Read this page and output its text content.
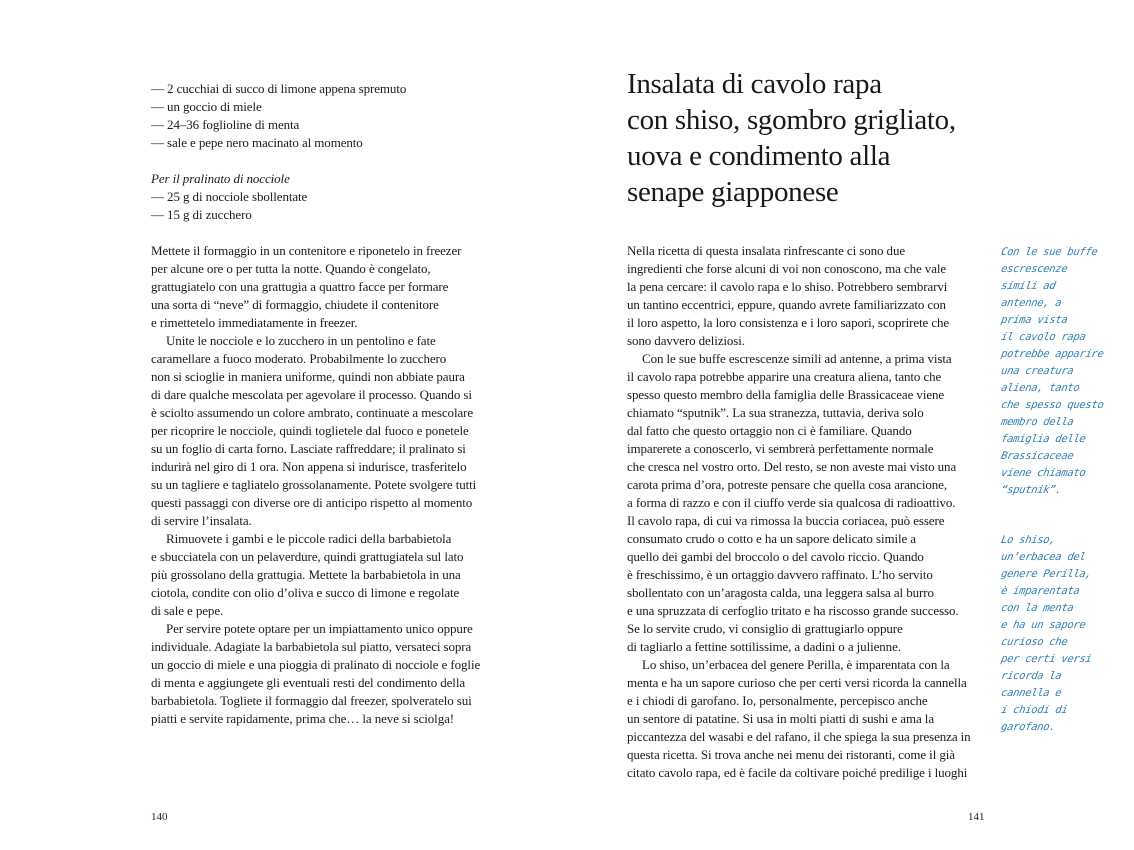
— 2 cucchiai di succo di limone appena spremuto
— un goccio di miele
— 24–36 foglioline di menta
— sale e pepe nero macinato al momento
Per il pralinato di nocciole
— 25 g di nocciole sbollentate
— 15 g di zucchero
Mettete il formaggio in un contenitore e riponetelo in freezer
per alcune ore o per tutta la notte. Quando è congelato,
grattugiatelo con una grattugia a quattro facce per formare
una sorta di “neve” di formaggio, chiudete il contenitore
e rimettetelo immediatamente in freezer.
Unite le nocciole e lo zucchero in un pentolino e fate
caramellare a fuoco moderato. Probabilmente lo zucchero
non si scioglie in maniera uniforme, quindi non abbiate paura
di dare qualche mescolata per agevolare il processo. Quando si
è sciolto assumendo un colore ambrato, continuate a mescolare
per ricoprire le nocciole, quindi toglietele dal fuoco e ponetele
su un foglio di carta forno. Lasciate raffreddare; il pralinato si
indurirà nel giro di 1 ora. Non appena si indurisce, trasferitelo
su un tagliere e tagliatelo grossolanamente. Potete svolgere tutti
questi passaggi con diverse ore di anticipo rispetto al momento
di servire l’insalata.
Rimuovete i gambi e le piccole radici della barbabietola
e sbucciatela con un pelaverdure, quindi grattugiatela sul lato
più grossolano della grattugia. Mettete la barbabietola in una
ciotola, condite con olio d’oliva e succo di limone e regolate
di sale e pepe.
Per servire potete optare per un impiattamento unico oppure
individuale. Adagiate la barbabietola sul piatto, versateci sopra
un goccio di miele e una pioggia di pralinato di nocciole e foglie
di menta e aggiungete gli eventuali resti del condimento della
barbabietola. Togliete il formaggio dal freezer, spolveratelo sui
piatti e servite rapidamente, prima che… la neve si sciolga!
140
Insalata di cavolo rapa
con shiso, sgombro grigliato,
uova e condimento alla
senape giapponese
Nella ricetta di questa insalata rinfrescante ci sono due
ingredienti che forse alcuni di voi non conoscono, ma che vale
la pena cercare: il cavolo rapa e lo shiso. Potrebbero sembrarvi
un tantino eccentrici, eppure, quando avrete familiarizzato con
il loro aspetto, la loro consistenza e i loro sapori, scoprirete che
sono davvero deliziosi.
Con le sue buffe escrescenze simili ad antenne, a prima vista
il cavolo rapa potrebbe apparire una creatura aliena, tanto che
spesso questo membro della famiglia delle Brassicaceae viene
chiamato “sputnik”. La sua stranezza, tuttavia, deriva solo
dal fatto che questo ortaggio non ci è familiare. Quando
imparerete a conoscerlo, vi sembrerà perfettamente normale
che cresca nel vostro orto. Del resto, se non aveste mai visto una
carota prima d’ora, potreste pensare che quella cosa arancione,
a forma di razzo e con il ciuffo verde sia qualcosa di radioattivo.
Il cavolo rapa, di cui va rimossa la buccia coriacea, può essere
consumato crudo o cotto e ha un sapore delicato simile a
quello dei gambi del broccolo o del cavolo riccio. Quando
è freschissimo, è un ortaggio davvero raffinato. L’ho servito
sbollentato con un’aragosta calda, una leggera salsa al burro
e una spruzzata di cerfoglio tritato e ha riscosso grande successo.
Se lo servite crudo, vi consiglio di grattugiarlo oppure
di tagliarlo a fettine sottilissime, a dadini o a julienne.
Lo shiso, un’erbacea del genere Perilla, è imparentata con la
menta e ha un sapore curioso che per certi versi ricorda la cannella
e i chiodi di garofano. Io, personalmente, percepisco anche
un sentore di patatine. Si usa in molti piatti di sushi e ama la
piccantezza del wasabi e del rafano, il che spiega la sua presenza in
questa ricetta. Si trova anche nei menu dei ristoranti, come il già
citato cavolo rapa, ed è facile da coltivare poiché predilige i luoghi
Con le sue buffe
escrescenze
simili ad
antenne, a
prima vista
il cavolo rapa
potrebbe apparire
una creatura
aliena, tanto
che spesso questo
membro della
famiglia delle
Brassicaceae
viene chiamato
“sputnik”.
Lo shiso,
un’erbacea del
genere Perilla,
è imparentata
con la menta
e ha un sapore
curioso che
per certi versi
ricorda la
cannella e
i chiodi di
garofano.
141
